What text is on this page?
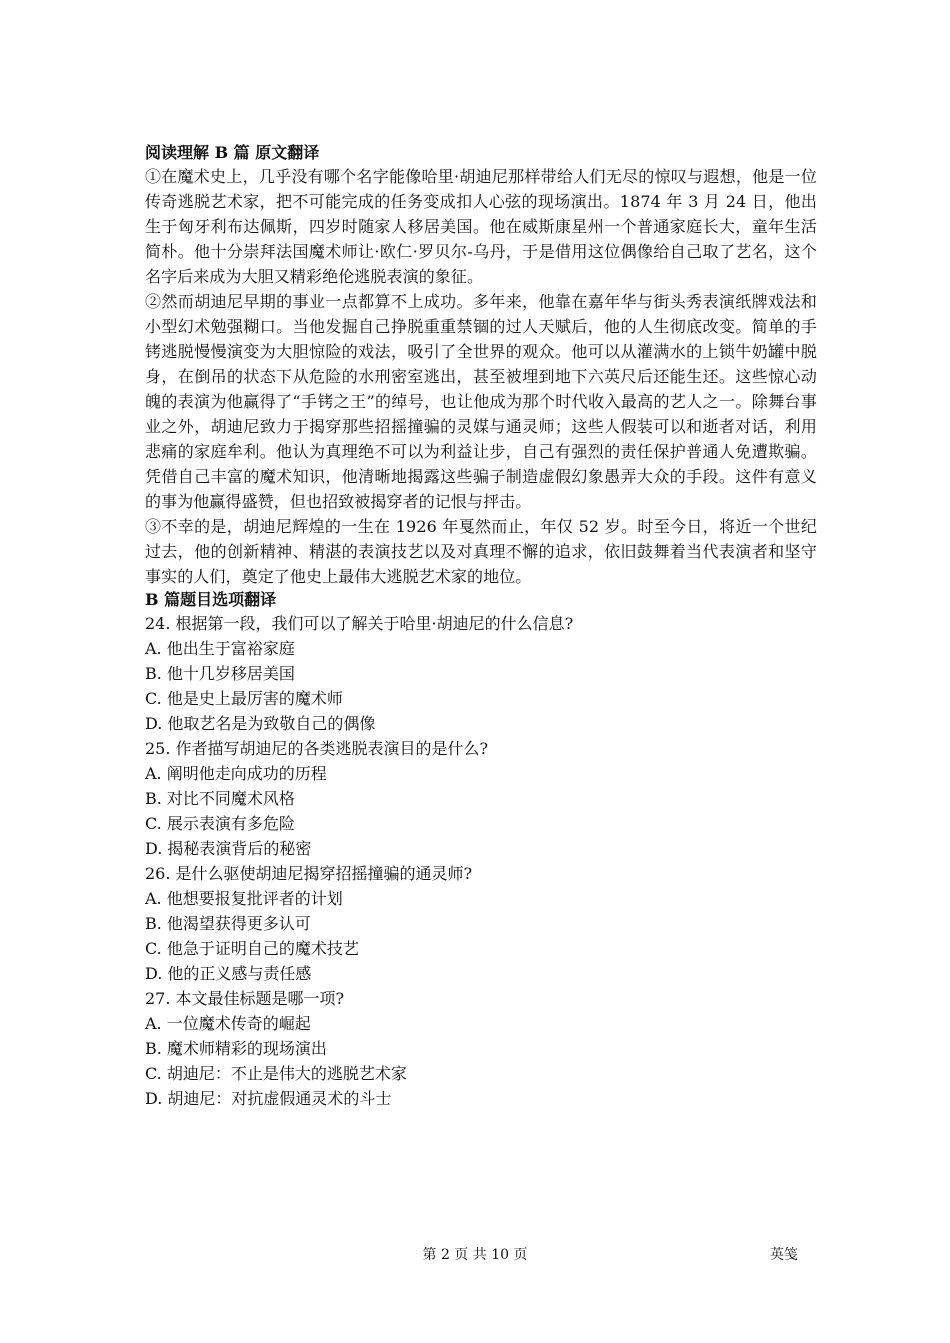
阅读理解 B 篇 原文翻译

①在魔术史上，几乎没有哪个名字能像哈里·胡迪尼那样带给人们无尽的惊叹与遐想，他是一位传奇逃脱艺术家，把不可能完成的任务变成扣人心弦的现场演出。1874 年 3 月 24 日，他出生于匈牙利布达佩斯，四岁时随家人移居美国。他在威斯康星州一个普通家庭长大，童年生活简朴。他十分崇拜法国魔术师让·欧仁·罗贝尔-乌丹，于是借用这位偶像给自己取了艺名，这个名字后来成为大胆又精彩绝伦逃脱表演的象征。

②然而胡迪尼早期的事业一点都算不上成功。多年来，他靠在嘉年华与街头秀表演纸牌戏法和小型幻术勉强糊口。当他发掘自己挣脱重重禁锢的过人天赋后，他的人生彻底改变。简单的手铐逃脱慢慢演变为大胆惊险的戏法，吸引了全世界的观众。他可以从灌满水的上锁牛奶罐中脱身，在倒吊的状态下从危险的水刑密室逃出，甚至被埋到地下六英尺后还能生还。这些惊心动魄的表演为他赢得了“手铐之王”的绰号，也让他成为那个时代收入最高的艺人之一。除舞台事业之外，胡迪尼致力于揭穿那些招摇撞骗的灵媒与通灵师；这些人假装可以和逝者对话，利用悲痛的家庭牟利。他认为真理绝不可以为利益让步，自己有强烈的责任保护普通人免遭欺骗。凭借自己丰富的魔术知识，他清晰地揭露这些骗子制造虚假幻象愚弄大众的手段。这件有意义的事为他赢得盛赞，但也招致被揭穿者的记恨与抨击。

③不幸的是，胡迪尼辉煌的一生在 1926 年戛然而止，年仅 52 岁。时至今日，将近一个世纪过去，他的创新精神、精湛的表演技艺以及对真理不懈的追求，依旧鼓舞着当代表演者和坚守事实的人们，奠定了他史上最伟大逃脱艺术家的地位。

B 篇题目选项翻译

24. 根据第一段，我们可以了解关于哈里·胡迪尼的什么信息?

A. 他出生于富裕家庭

B. 他十几岁移居美国

C. 他是史上最厉害的魔术师

D. 他取艺名是为致敬自己的偶像

25. 作者描写胡迪尼的各类逃脱表演目的是什么?

A. 阐明他走向成功的历程

B. 对比不同魔术风格

C. 展示表演有多危险

D. 揭秘表演背后的秘密

26. 是什么驱使胡迪尼揭穿招摇撞骗的通灵师?

A. 他想要报复批评者的计划

B. 他渴望获得更多认可

C. 他急于证明自己的魔术技艺

D. 他的正义感与责任感

27. 本文最佳标题是哪一项?

A. 一位魔术传奇的崛起

B. 魔术师精彩的现场演出

C. 胡迪尼：不止是伟大的逃脱艺术家

D. 胡迪尼：对抗虚假通灵术的斗士

第 2 页 共 10 页	英笺
